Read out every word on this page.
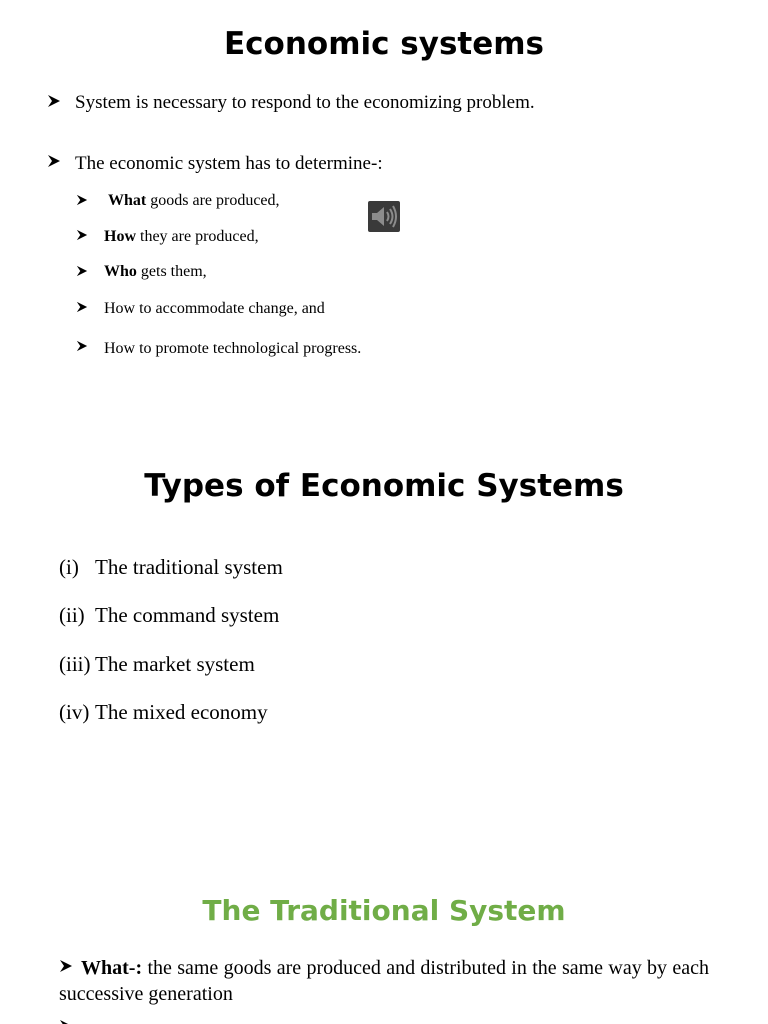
Economic systems
System is necessary to respond to the economizing problem.
The economic system has to determine-:
What goods are produced,
How they are produced,
Who gets them,
How to accommodate change, and
How to promote technological progress.
Types of Economic Systems
(i) The traditional system
(ii) The command system
(iii) The market system
(iv) The mixed economy
The Traditional System
What-: the same goods are produced and distributed in the same way by each successive generation
